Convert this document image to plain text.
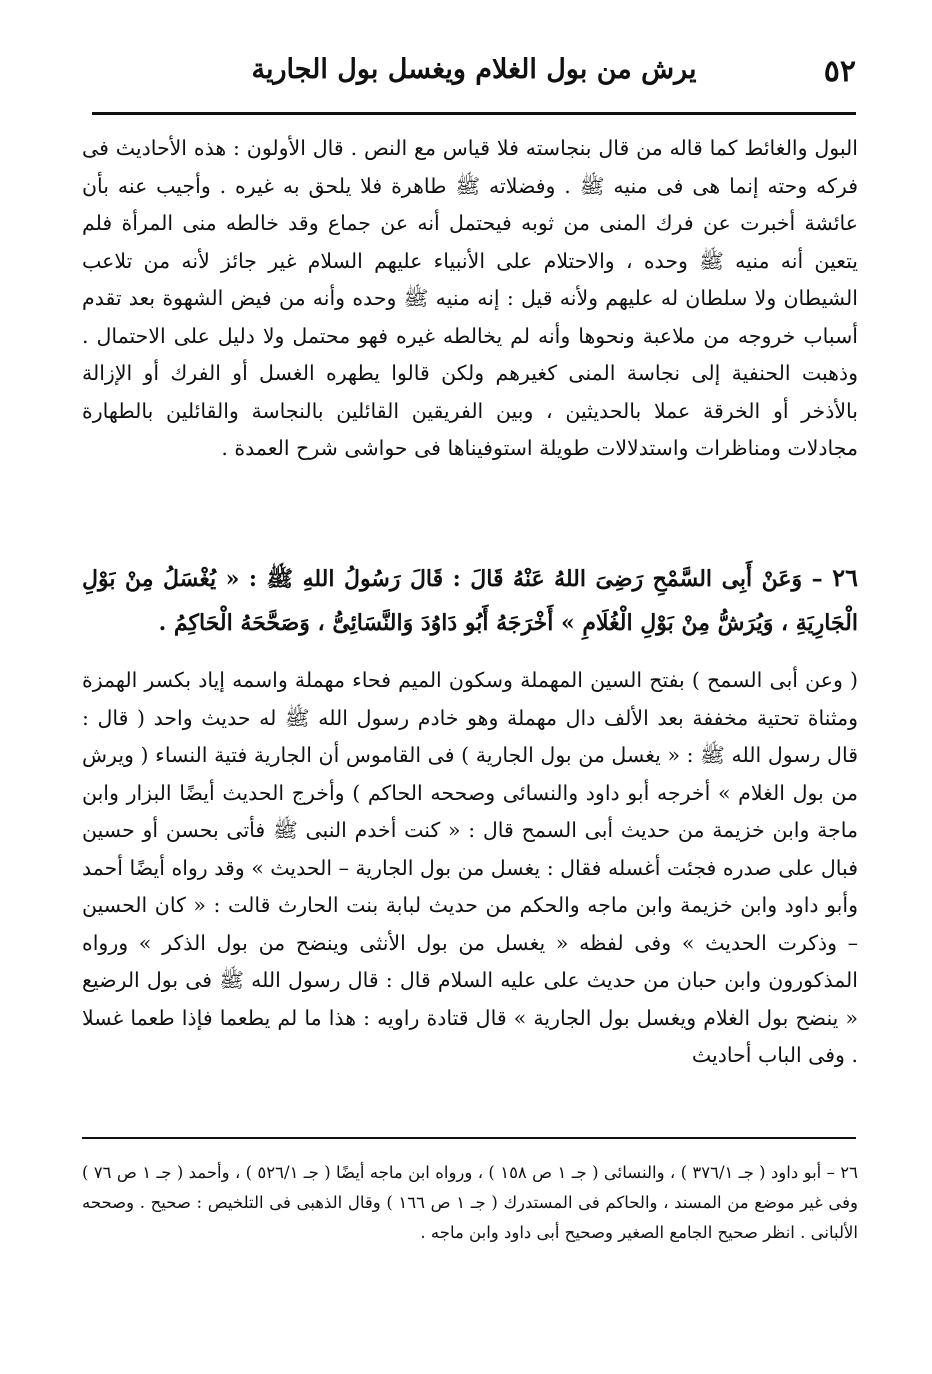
٥٢
يرش من بول الغلام ويغسل بول الجارية

البول والغائط كما قاله من قال بنجاسته فلا قياس مع النص . قال الأولون : هذه الأحاديث فى فركه وحته إنما هى فى منيه ﷺ . وفضلاته ﷺ طاهرة فلا يلحق به غيره . وأجيب عنه بأن عائشة أخبرت عن فرك المنى من ثوبه فيحتمل أنه عن جماع وقد خالطه منى المرأة فلم يتعين أنه منيه ﷺ وحده ، والاحتلام على الأنبياء عليهم السلام غير جائز لأنه من تلاعب الشيطان ولا سلطان له عليهم ولأنه قيل : إنه منيه ﷺ وحده وأنه من فيض الشهوة بعد تقدم أسباب خروجه من ملاعبة ونحوها وأنه لم يخالطه غيره فهو محتمل ولا دليل على الاحتمال . وذهبت الحنفية إلى نجاسة المنى كغيرهم ولكن قالوا يطهره الغسل أو الفرك أو الإزالة بالأذخر أو الخرقة عملا بالحديثين ، وبين الفريقين القائلين بالنجاسة والقائلين بالطهارة مجادلات ومناظرات واستدلالات طويلة استوفيناها فى حواشى شرح العمدة .

٢٦ – وَعَنْ أَبِى السَّمْحِ رَضِىَ اللهُ عَنْهُ قَالَ : قَالَ رَسُولُ اللهِ ﷺ : « يُغْسَلُ مِنْ بَوْلِ الْجَارِيَةِ ، وَيُرَشُّ مِنْ بَوْلِ الْغُلَامِ » أَخْرَجَهُ أَبُو دَاوُدَ وَالنَّسَائِىُّ ، وَصَحَّحَهُ الْحَاكِمُ .

( وعن أبى السمح ) بفتح السين المهملة وسكون الميم فحاء مهملة واسمه إياد بكسر الهمزة ومثناة تحتية مخففة بعد الألف دال مهملة وهو خادم رسول الله ﷺ له حديث واحد ( قال : قال رسول الله ﷺ : « يغسل من بول الجارية ) فى القاموس أن الجارية فتية النساء ( ويرش من بول الغلام » أخرجه أبو داود والنسائى وصححه الحاكم ) وأخرج الحديث أيضًا البزار وابن ماجة وابن خزيمة من حديث أبى السمح قال : « كنت أخدم النبى ﷺ فأتى بحسن أو حسين فبال على صدره فجئت أغسله فقال : يغسل من بول الجارية – الحديث » وقد رواه أيضًا أحمد وأبو داود وابن خزيمة وابن ماجه والحكم من حديث لبابة بنت الحارث قالت : « كان الحسين – وذكرت الحديث » وفى لفظه « يغسل من بول الأنثى وينضح من بول الذكر » ورواه المذكورون وابن حبان من حديث على عليه السلام قال : قال رسول الله ﷺ فى بول الرضيع « ينضح بول الغلام ويغسل بول الجارية » قال قتادة راويه : هذا ما لم يطعما فإذا طعما غسلا . وفى الباب أحاديث

٢٦ – أبو داود ( جـ ٣٧٦/١ ) ، والنسائى ( جـ ١ ص ١٥٨ ) ، ورواه ابن ماجه أيضًا ( جـ ٥٢٦/١ ) ، وأحمد ( جـ ١ ص ٧٦ ) وفى غير موضع من المسند ، والحاكم فى المستدرك ( جـ ١ ص ١٦٦ ) وقال الذهبى فى التلخيص : صحيح . وصححه الألبانى . انظر صحيح الجامع الصغير وصحيح أبى داود وابن ماجه .
